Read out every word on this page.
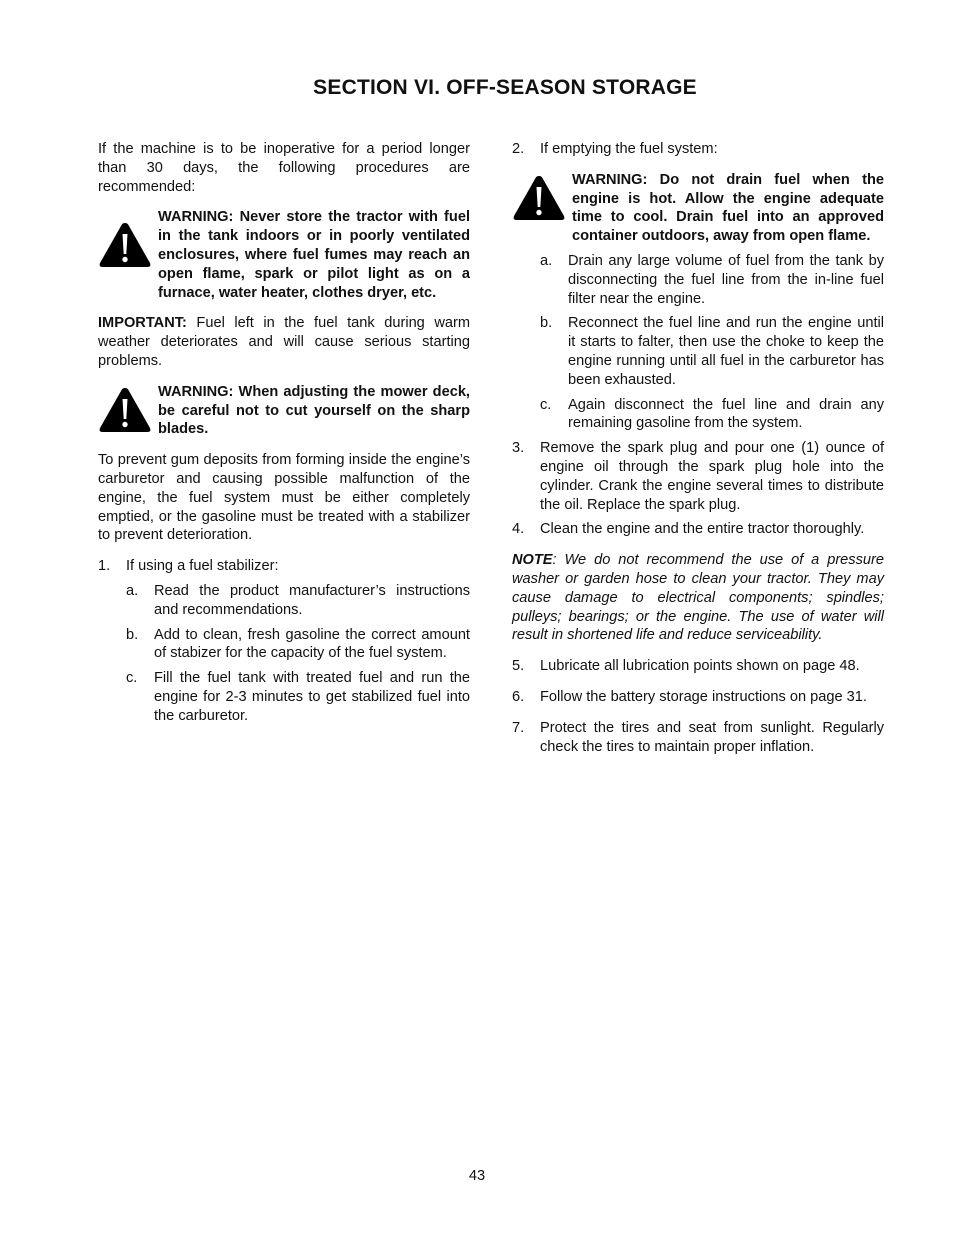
SECTION VI. OFF-SEASON STORAGE

If the machine is to be inoperative for a period longer than 30 days, the following procedures are recommended:

WARNING: Never store the tractor with fuel in the tank indoors or in poorly ventilated enclosures, where fuel fumes may reach an open flame, spark or pilot light as on a furnace, water heater, clothes dryer, etc.

IMPORTANT: Fuel left in the fuel tank during warm weather deteriorates and will cause serious starting problems.

WARNING: When adjusting the mower deck, be careful not to cut yourself on the sharp blades.

To prevent gum deposits from forming inside the engine’s carburetor and causing possible malfunction of the engine, the fuel system must be either completely emptied, or the gasoline must be treated with a stabilizer to prevent deterioration.

1.	If using a fuel stabilizer:
a.	Read the product manufacturer’s instructions and recommendations.
b.	Add to clean, fresh gasoline the correct amount of stabizer for the capacity of the fuel system.
c.	Fill the fuel tank with treated fuel and run the engine for 2-3 minutes to get stabilized fuel into the carburetor.
2.	If emptying the fuel system:
WARNING: Do not drain fuel when the engine is hot. Allow the engine adequate time to cool. Drain fuel into an approved container outdoors, away from open flame.
a.	Drain any large volume of fuel from the tank by disconnecting the fuel line from the in-line fuel filter near the engine.
b.	Reconnect the fuel line and run the engine until it starts to falter, then use the choke to keep the engine running until all fuel in the carburetor has been exhausted.
c.	Again disconnect the fuel line and drain any remaining gasoline from the system.
3.	Remove the spark plug and pour one (1) ounce of engine oil through the spark plug hole into the cylinder. Crank the engine several times to distribute the oil. Replace the spark plug.
4.	Clean the engine and the entire tractor thoroughly.

NOTE: We do not recommend the use of a pressure washer or garden hose to clean your tractor. They may cause damage to electrical components; spindles; pulleys; bearings; or the engine. The use of water will result in shortened life and reduce serviceability.

5.	Lubricate all lubrication points shown on page 48.
6.	Follow the battery storage instructions on page 31.
7.	Protect the tires and seat from sunlight. Regularly check the tires to maintain proper inflation.
43
